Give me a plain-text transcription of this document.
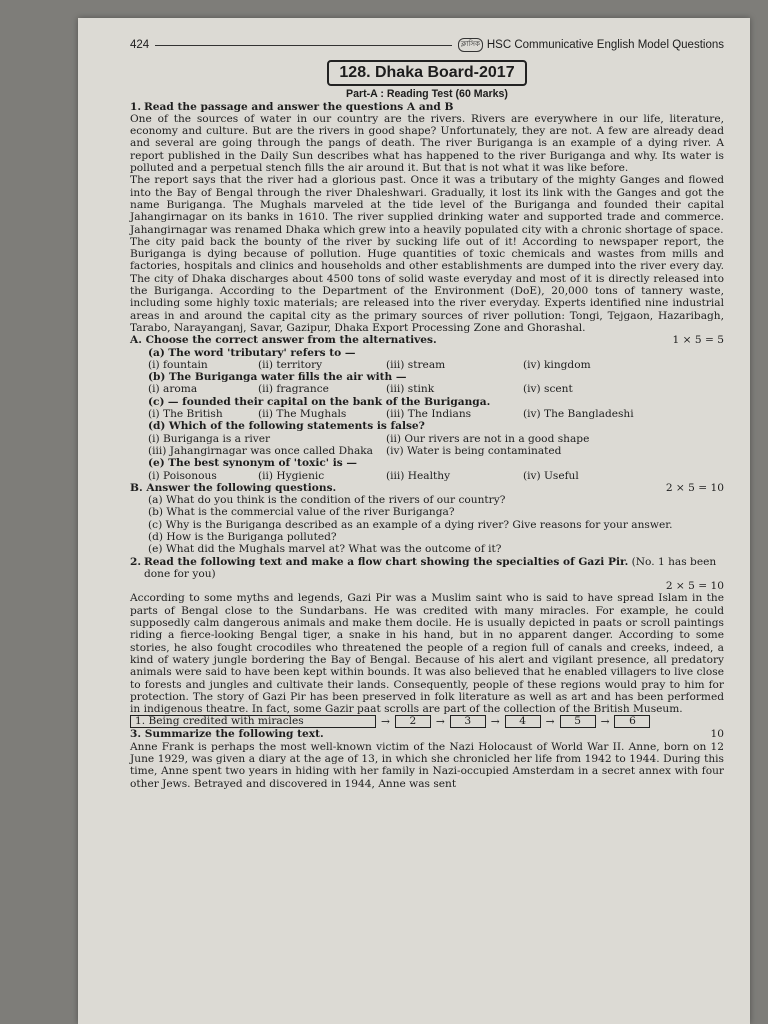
424	ক্লাসিক HSC Communicative English Model Questions
128. Dhaka Board-2017
Part-A : Reading Test (60 Marks)
1. Read the passage and answer the questions A and B

One of the sources of water in our country are the rivers. Rivers are everywhere in our life, literature, economy and culture. But are the rivers in good shape? Unfortunately, they are not. A few are already dead and several are going through the pangs of death. The river Buriganga is an example of a dying river. A report published in the Daily Sun describes what has happened to the river Buriganga and why. Its water is polluted and a perpetual stench fills the air around it. But that is not what it was like before.

The report says that the river had a glorious past. Once it was a tributary of the mighty Ganges and flowed into the Bay of Bengal through the river Dhaleshwari. Gradually, it lost its link with the Ganges and got the name Buriganga. The Mughals marveled at the tide level of the Buriganga and founded their capital Jahangirnagar on its banks in 1610. The river supplied drinking water and supported trade and commerce. Jahangirnagar was renamed Dhaka which grew into a heavily populated city with a chronic shortage of space.

The city paid back the bounty of the river by sucking life out of it! According to newspaper report, the Buriganga is dying because of pollution. Huge quantities of toxic chemicals and wastes from mills and factories, hospitals and clinics and households and other establishments are dumped into the river every day. The city of Dhaka discharges about 4500 tons of solid waste everyday and most of it is directly released into the Buriganga. According to the Department of the Environment (DoE), 20,000 tons of tannery waste, including some highly toxic materials; are released into the river everyday. Experts identified nine industrial areas in and around the capital city as the primary sources of river pollution: Tongi, Tejgaon, Hazaribagh, Tarabo, Narayanganj, Savar, Gazipur, Dhaka Export Processing Zone and Ghorashal.

A. Choose the correct answer from the alternatives.	1 × 5 = 5
(a) The word 'tributary' refers to —
(i) fountain	(ii) territory	(iii) stream	(iv) kingdom
(b) The Buriganga water fills the air with —
(i) aroma	(ii) fragrance	(iii) stink	(iv) scent
(c) — founded their capital on the bank of the Buriganga.
(i) The British	(ii) The Mughals	(iii) The Indians	(iv) The Bangladeshi
(d) Which of the following statements is false?
(i) Buriganga is a river	(ii) Our rivers are not in a good shape
(iii) Jahangirnagar was once called Dhaka	(iv) Water is being contaminated
(e) The best synonym of 'toxic' is —
(i) Poisonous	(ii) Hygienic	(iii) Healthy	(iv) Useful
B. Answer the following questions.	2 × 5 = 10
(a) What do you think is the condition of the rivers of our country?
(b) What is the commercial value of the river Buriganga?
(c) Why is the Buriganga described as an example of a dying river? Give reasons for your answer.
(d) How is the Buriganga polluted?
(e) What did the Mughals marvel at? What was the outcome of it?
2. Read the following text and make a flow chart showing the specialties of Gazi Pir. (No. 1 has been done for you)
2 × 5 = 10

According to some myths and legends, Gazi Pir was a Muslim saint who is said to have spread Islam in the parts of Bengal close to the Sundarbans. He was credited with many miracles. For example, he could supposedly calm dangerous animals and make them docile. He is usually depicted in paats or scroll paintings riding a fierce-looking Bengal tiger, a snake in his hand, but in no apparent danger. According to some stories, he also fought crocodiles who threatened the people of a region full of canals and creeks, indeed, a kind of watery jungle bordering the Bay of Bengal. Because of his alert and vigilant presence, all predatory animals were said to have been kept within bounds. It was also believed that he enabled villagers to live close to forests and jungles and cultivate their lands. Consequently, people of these regions would pray to him for protection. The story of Gazi Pir has been preserved in folk literature as well as art and has been performed in indigenous theatre. In fact, some Gazir paat scrolls are part of the collection of the British Museum.

1. Being credited with miracles	→	2	→	3	→	4	→	5	→	6
3. Summarize the following text.	10

Anne Frank is perhaps the most well-known victim of the Nazi Holocaust of World War II. Anne, born on 12 June 1929, was given a diary at the age of 13, in which she chronicled her life from 1942 to 1944. During this time, Anne spent two years in hiding with her family in Nazi-occupied Amsterdam in a secret annex with four other Jews. Betrayed and discovered in 1944, Anne was sent
